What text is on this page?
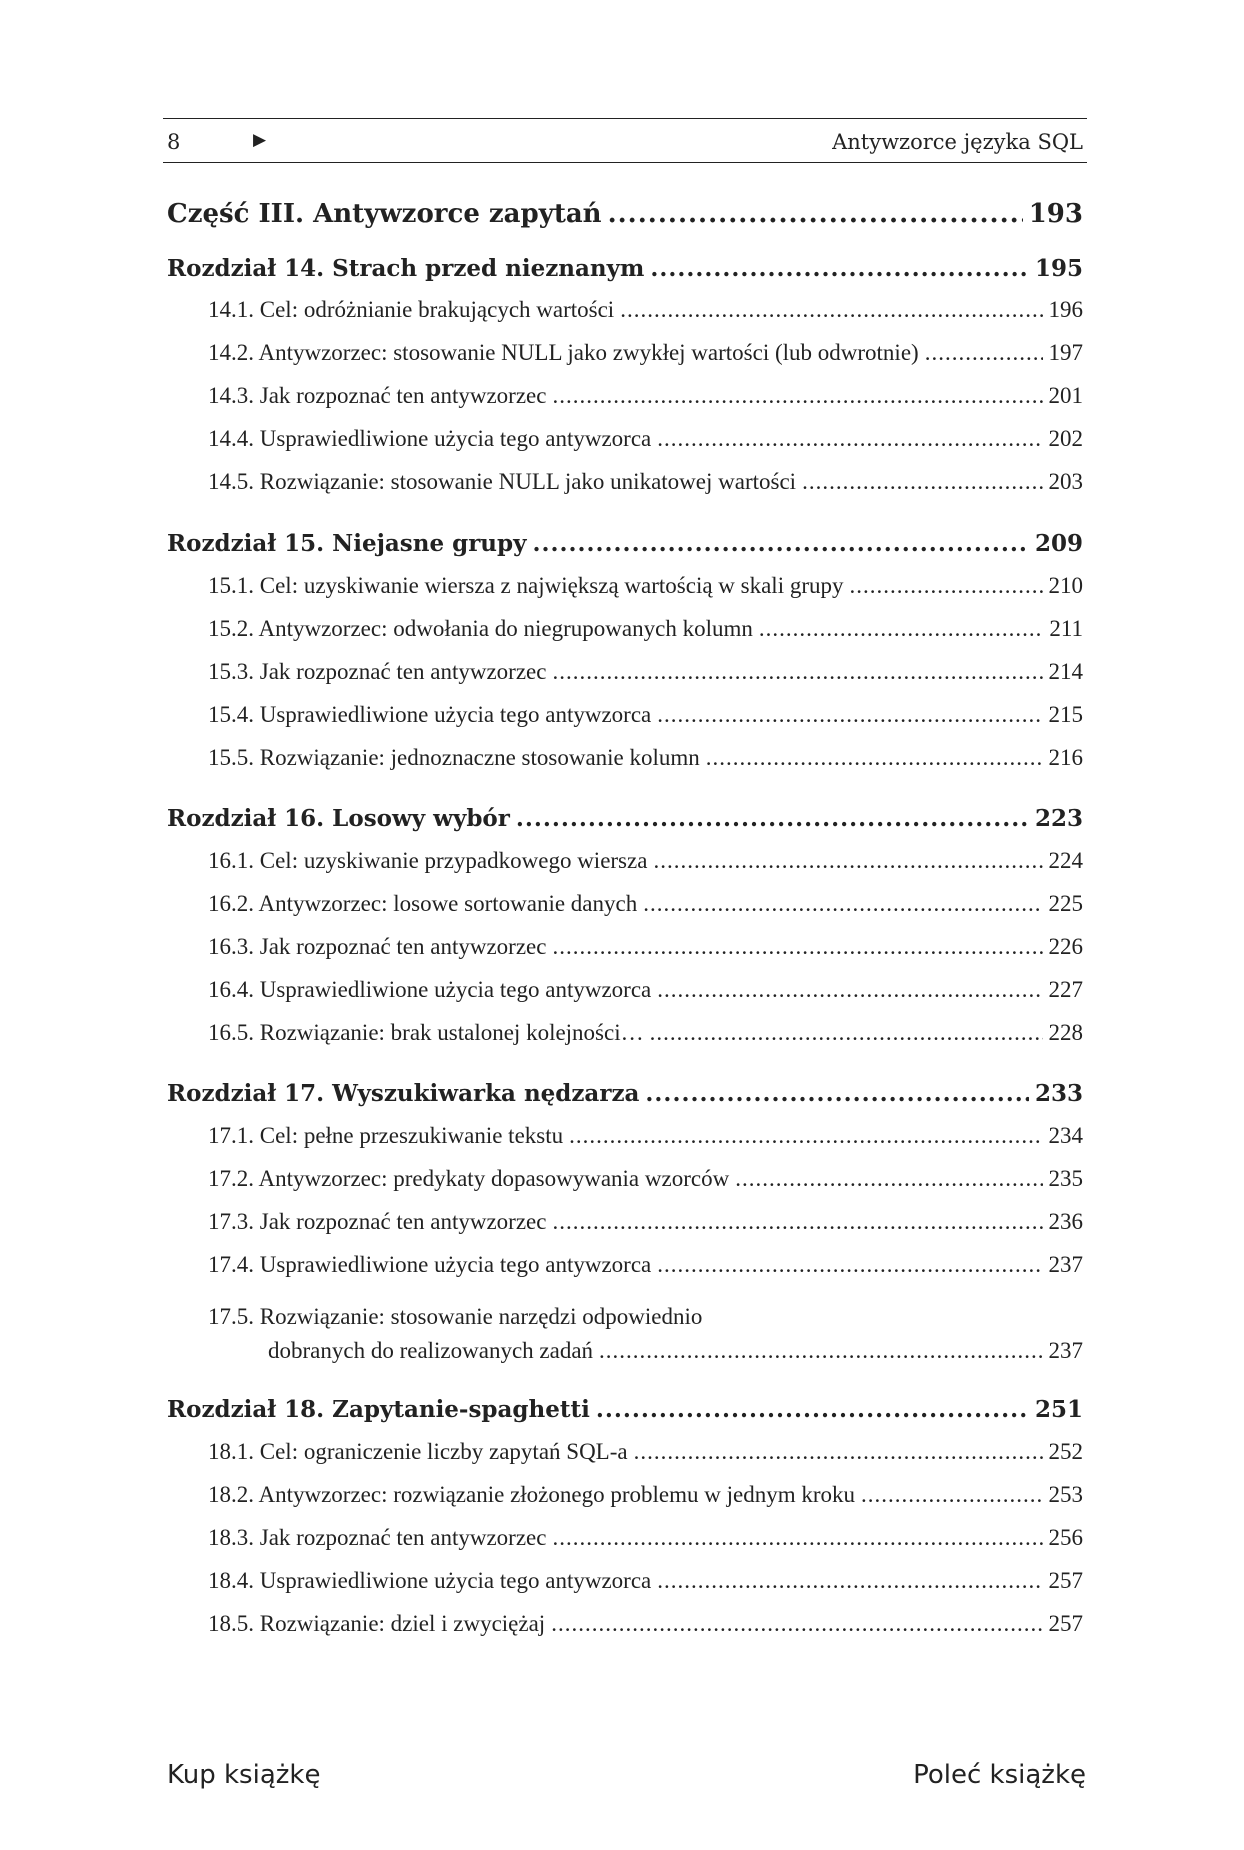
8	▶	Antywzorce języka SQL
Część III. Antywzorce zapytań .....	193
Rozdział 14. Strach przed nieznanym .....	195
14.1. Cel: odróżnianie brakujących wartości .....	196
14.2. Antywzorzec: stosowanie NULL jako zwykłej wartości (lub odwrotnie) .....	197
14.3. Jak rozpoznać ten antywzorzec .....	201
14.4. Usprawiedliwione użycia tego antywzorca .....	202
14.5. Rozwiązanie: stosowanie NULL jako unikatowej wartości .....	203
Rozdział 15. Niejasne grupy .....	209
15.1. Cel: uzyskiwanie wiersza z największą wartością w skali grupy .....	210
15.2. Antywzorzec: odwołania do niegrupowanych kolumn .....	211
15.3. Jak rozpoznać ten antywzorzec .....	214
15.4. Usprawiedliwione użycia tego antywzorca .....	215
15.5. Rozwiązanie: jednoznaczne stosowanie kolumn .....	216
Rozdział 16. Losowy wybór .....	223
16.1. Cel: uzyskiwanie przypadkowego wiersza .....	224
16.2. Antywzorzec: losowe sortowanie danych .....	225
16.3. Jak rozpoznać ten antywzorzec .....	226
16.4. Usprawiedliwione użycia tego antywzorca .....	227
16.5. Rozwiązanie: brak ustalonej kolejności… .....	228
Rozdział 17. Wyszukiwarka nędzarza .....	233
17.1. Cel: pełne przeszukiwanie tekstu .....	234
17.2. Antywzorzec: predykaty dopasowywania wzorców .....	235
17.3. Jak rozpoznać ten antywzorzec .....	236
17.4. Usprawiedliwione użycia tego antywzorca .....	237
17.5. Rozwiązanie: stosowanie narzędzi odpowiednio
dobranych do realizowanych zadań .....	237
Rozdział 18. Zapytanie-spaghetti .....	251
18.1. Cel: ograniczenie liczby zapytań SQL-a .....	252
18.2. Antywzorzec: rozwiązanie złożonego problemu w jednym kroku .....	253
18.3. Jak rozpoznać ten antywzorzec .....	256
18.4. Usprawiedliwione użycia tego antywzorca .....	257
18.5. Rozwiązanie: dziel i zwyciężaj .....	257
Kup książkę	Poleć książkę
